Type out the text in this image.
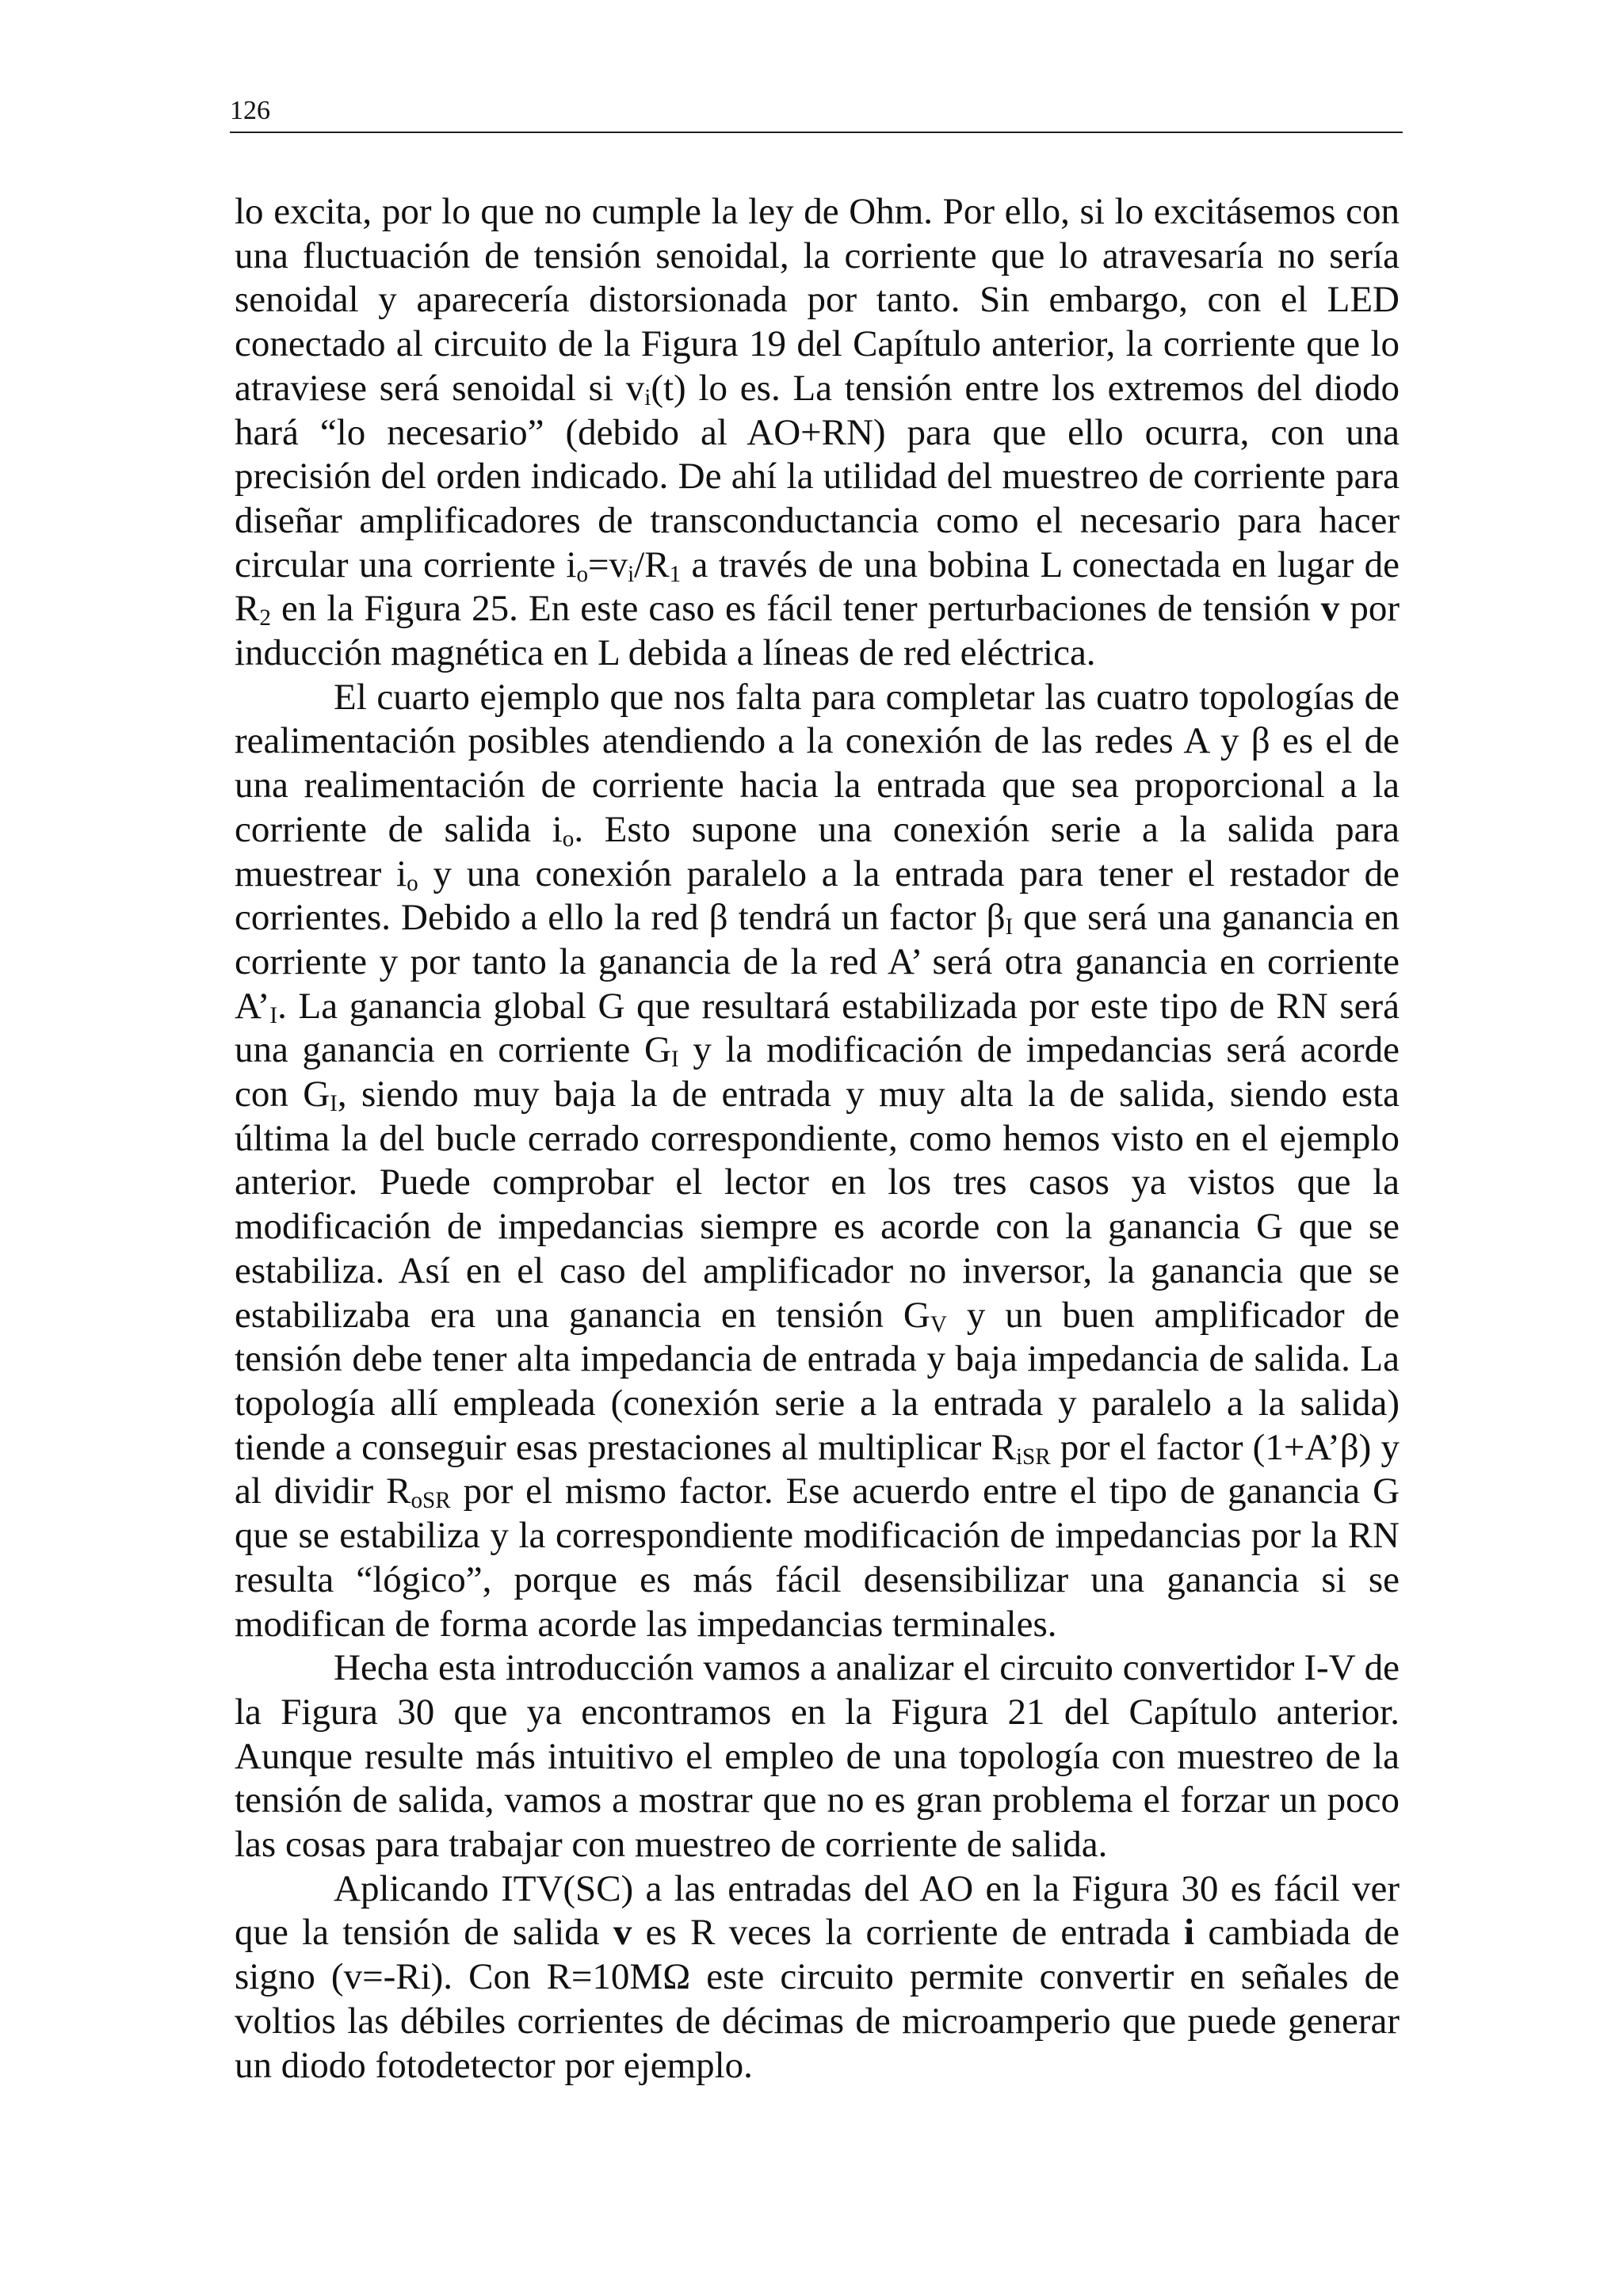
126

lo excita, por lo que no cumple la ley de Ohm. Por ello, si lo excitásemos con una fluctuación de tensión senoidal, la corriente que lo atravesaría no sería senoidal y aparecería distorsionada por tanto. Sin embargo, con el LED conectado al circuito de la Figura 19 del Capítulo anterior, la corriente que lo atraviese será senoidal si $v_i(t)$ lo es. La tensión entre los extremos del diodo hará “lo necesario” (debido al AO+RN) para que ello ocurra, con una precisión del orden indicado. De ahí la utilidad del muestreo de corriente para diseñar amplificadores de transconductancia como el necesario para hacer circular una corriente $i_o=v_i/R_1$ a través de una bobina L conectada en lugar de $R_2$ en la Figura 25. En este caso es fácil tener perturbaciones de tensión v por inducción magnética en L debida a líneas de red eléctrica.

El cuarto ejemplo que nos falta para completar las cuatro topologías de realimentación posibles atendiendo a la conexión de las redes A y β es el de una realimentación de corriente hacia la entrada que sea proporcional a la corriente de salida $i_o$. Esto supone una conexión serie a la salida para muestrear $i_o$ y una conexión paralelo a la entrada para tener el restador de corrientes. Debido a ello la red β tendrá un factor $\beta_I$ que será una ganancia en corriente y por tanto la ganancia de la red A’ será otra ganancia en corriente $A’_I$. La ganancia global G que resultará estabilizada por este tipo de RN será una ganancia en corriente $G_I$ y la modificación de impedancias será acorde con $G_I$, siendo muy baja la de entrada y muy alta la de salida, siendo esta última la del bucle cerrado correspondiente, como hemos visto en el ejemplo anterior. Puede comprobar el lector en los tres casos ya vistos que la modificación de impedancias siempre es acorde con la ganancia G que se estabiliza. Así en el caso del amplificador no inversor, la ganancia que se estabilizaba era una ganancia en tensión $G_V$ y un buen amplificador de tensión debe tener alta impedancia de entrada y baja impedancia de salida. La topología allí empleada (conexión serie a la entrada y paralelo a la salida) tiende a conseguir esas prestaciones al multiplicar $R_{iSR}$ por el factor (1+A’β) y al dividir $R_{oSR}$ por el mismo factor. Ese acuerdo entre el tipo de ganancia G que se estabiliza y la correspondiente modificación de impedancias por la RN resulta “lógico”, porque es más fácil desensibilizar una ganancia si se modifican de forma acorde las impedancias terminales.

Hecha esta introducción vamos a analizar el circuito convertidor I-V de la Figura 30 que ya encontramos en la Figura 21 del Capítulo anterior. Aunque resulte más intuitivo el empleo de una topología con muestreo de la tensión de salida, vamos a mostrar que no es gran problema el forzar un poco las cosas para trabajar con muestreo de corriente de salida.

Aplicando ITV(SC) a las entradas del AO en la Figura 30 es fácil ver que la tensión de salida v es R veces la corriente de entrada i cambiada de signo (v=-Ri). Con R=10MΩ este circuito permite convertir en señales de voltios las débiles corrientes de décimas de microamperio que puede generar un diodo fotodetector por ejemplo.
